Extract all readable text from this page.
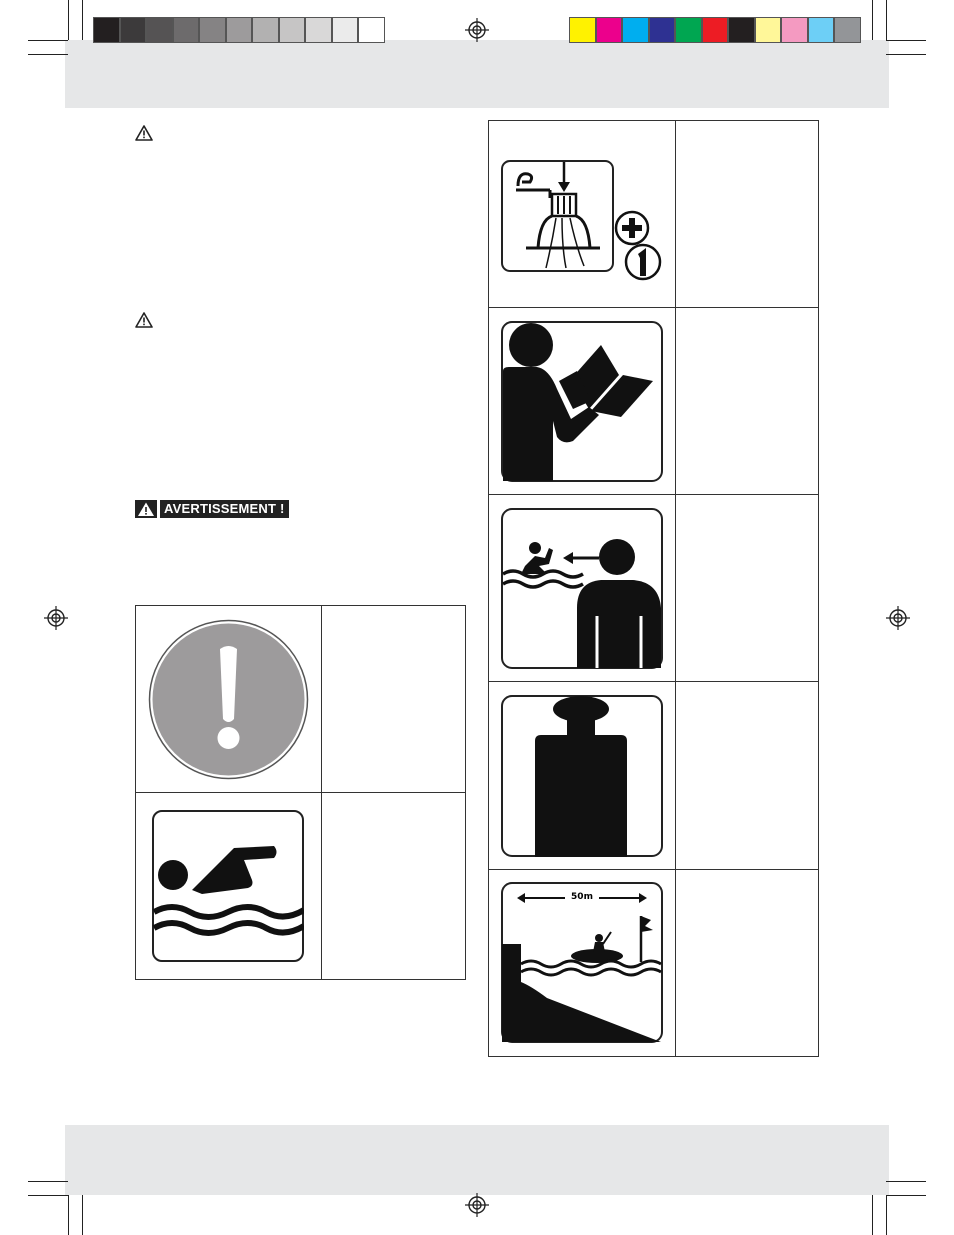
AVERTISSEMENT !
50m
